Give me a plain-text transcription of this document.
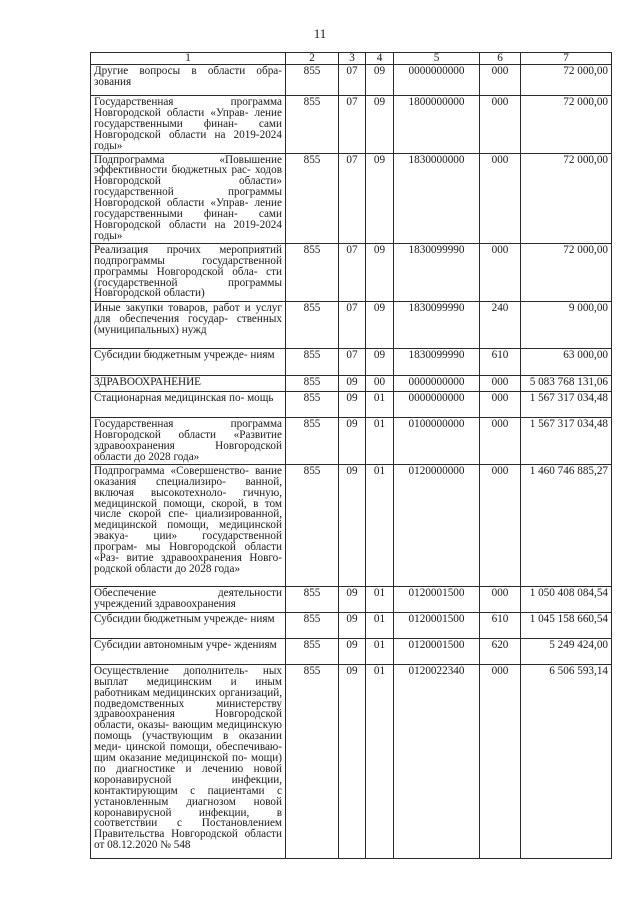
11
1	2	3	4	5	6	7
Другие вопросы в области обра- зования	855	07	09	0000000000	000	72 000,00
Государственная программа Новгородской области «Управ- ление государственными финан- сами Новгородской области на 2019-2024 годы»	855	07	09	1800000000	000	72 000,00
Подпрограмма «Повышение эффективности бюджетных рас- ходов Новгородской области» государственной программы Новгородской области «Управ- ление государственными финан- сами Новгородской области на 2019-2024 годы»	855	07	09	1830000000	000	72 000,00
Реализация прочих мероприятий подпрограммы государственной программы Новгородской обла- сти (государственной программы Новгородской области)	855	07	09	1830099990	000	72 000,00
Иные закупки товаров, работ и услуг для обеспечения государ- ственных (муниципальных) нужд	855	07	09	1830099990	240	9 000,00
Субсидии бюджетным учрежде- ниям	855	07	09	1830099990	610	63 000,00
ЗДРАВООХРАНЕНИЕ	855	09	00	0000000000	000	5 083 768 131,06
Стационарная медицинская по- мощь	855	09	01	0000000000	000	1 567 317 034,48
Государственная программа Новгородской области «Развитие здравоохранения Новгородской области до 2028 года»	855	09	01	0100000000	000	1 567 317 034,48
Подпрограмма «Совершенство- вание оказания специализиро- ванной, включая высокотехноло- гичную, медицинской помощи, скорой, в том числе скорой спе- циализированной, медицинской помощи, медицинской эвакуа- ции» государственной програм- мы Новгородской области «Раз- витие здравоохранения Новго- родской области до 2028 года»	855	09	01	0120000000	000	1 460 746 885,27
Обеспечение деятельности учреждений здравоохранения	855	09	01	0120001500	000	1 050 408 084,54
Субсидии бюджетным учрежде- ниям	855	09	01	0120001500	610	1 045 158 660,54
Субсидии автономным учре- ждениям	855	09	01	0120001500	620	5 249 424,00
Осуществление дополнитель- ных выплат медицинским и иным работникам медицинских организаций, подведомственных министерству здравоохранения Новгородской области, оказы- вающим медицинскую помощь (участвующим в оказании меди- цинской помощи, обеспечиваю- щим оказание медицинской по- мощи) по диагностике и лечению новой коронавирусной инфекции, контактирующим с пациентами с установленным диагнозом новой коронавирусной инфекции, в соответствии с Постановлением Правительства Новгородской области от 08.12.2020 № 548	855	09	01	0120022340	000	6 506 593,14
